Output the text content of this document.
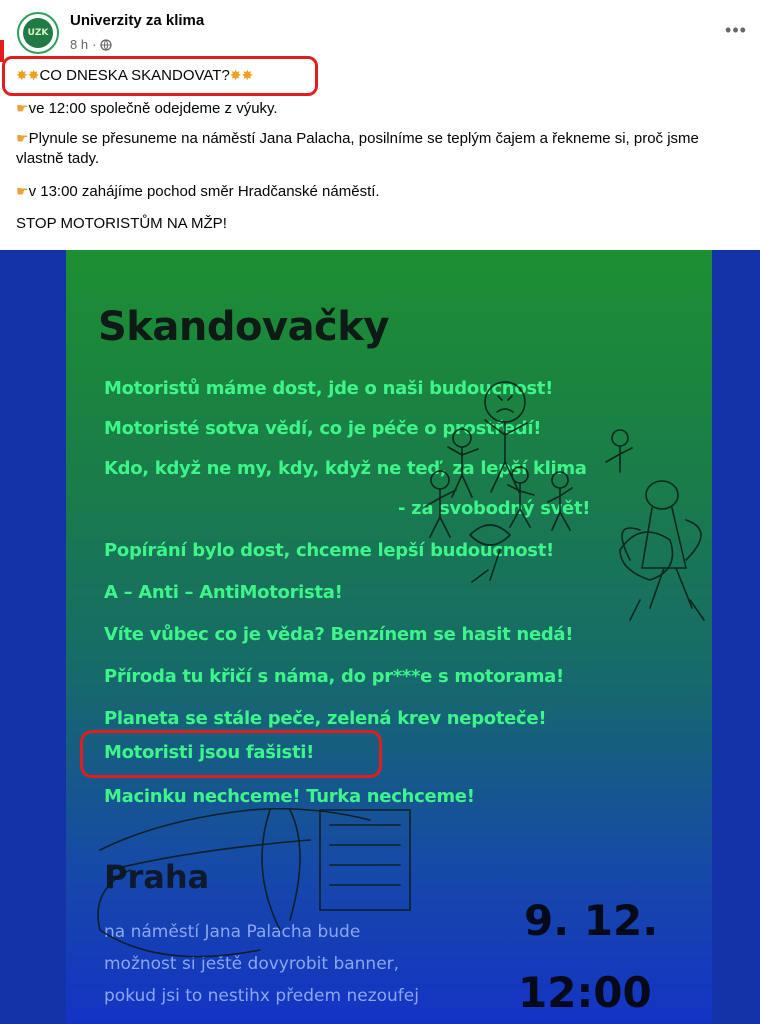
UZK
Univerzity za klima
8 h ·
•••

✸✸CO DNESKA SKANDOVAT?✸✸

☛ve 12:00 společně odejdeme z výuky.

☛Plynule se přesuneme na náměstí Jana Palacha, posilníme se teplým čajem a řekneme si, proč jsme vlastně tady.

☛v 13:00 zahájíme pochod směr Hradčanské náměstí.

STOP MOTORISTŮM NA MŽP!

Skandovačky
Motoristů máme dost, jde o naši budoucnost!
Motoristé sotva vědí, co je péče o prostředí!
Kdo, když ne my, kdy, když ne teď, za lepší klima
- za svobodný svět!
Popírání bylo dost, chceme lepší budoucnost!
A – Anti – AntiMotorista!
Víte vůbec co je věda? Benzínem se hasit nedá!
Příroda tu křičí s náma, do pr***e s motorama!
Planeta se stále peče, zelená krev nepoteče!
Motoristi jsou fašisti!
Macinku nechceme! Turka nechceme!
Praha
na náměstí Jana Palacha bude
možnost si ještě dovyrobit banner,
pokud jsi to nestihx předem nezoufej
9. 12.
12:00
